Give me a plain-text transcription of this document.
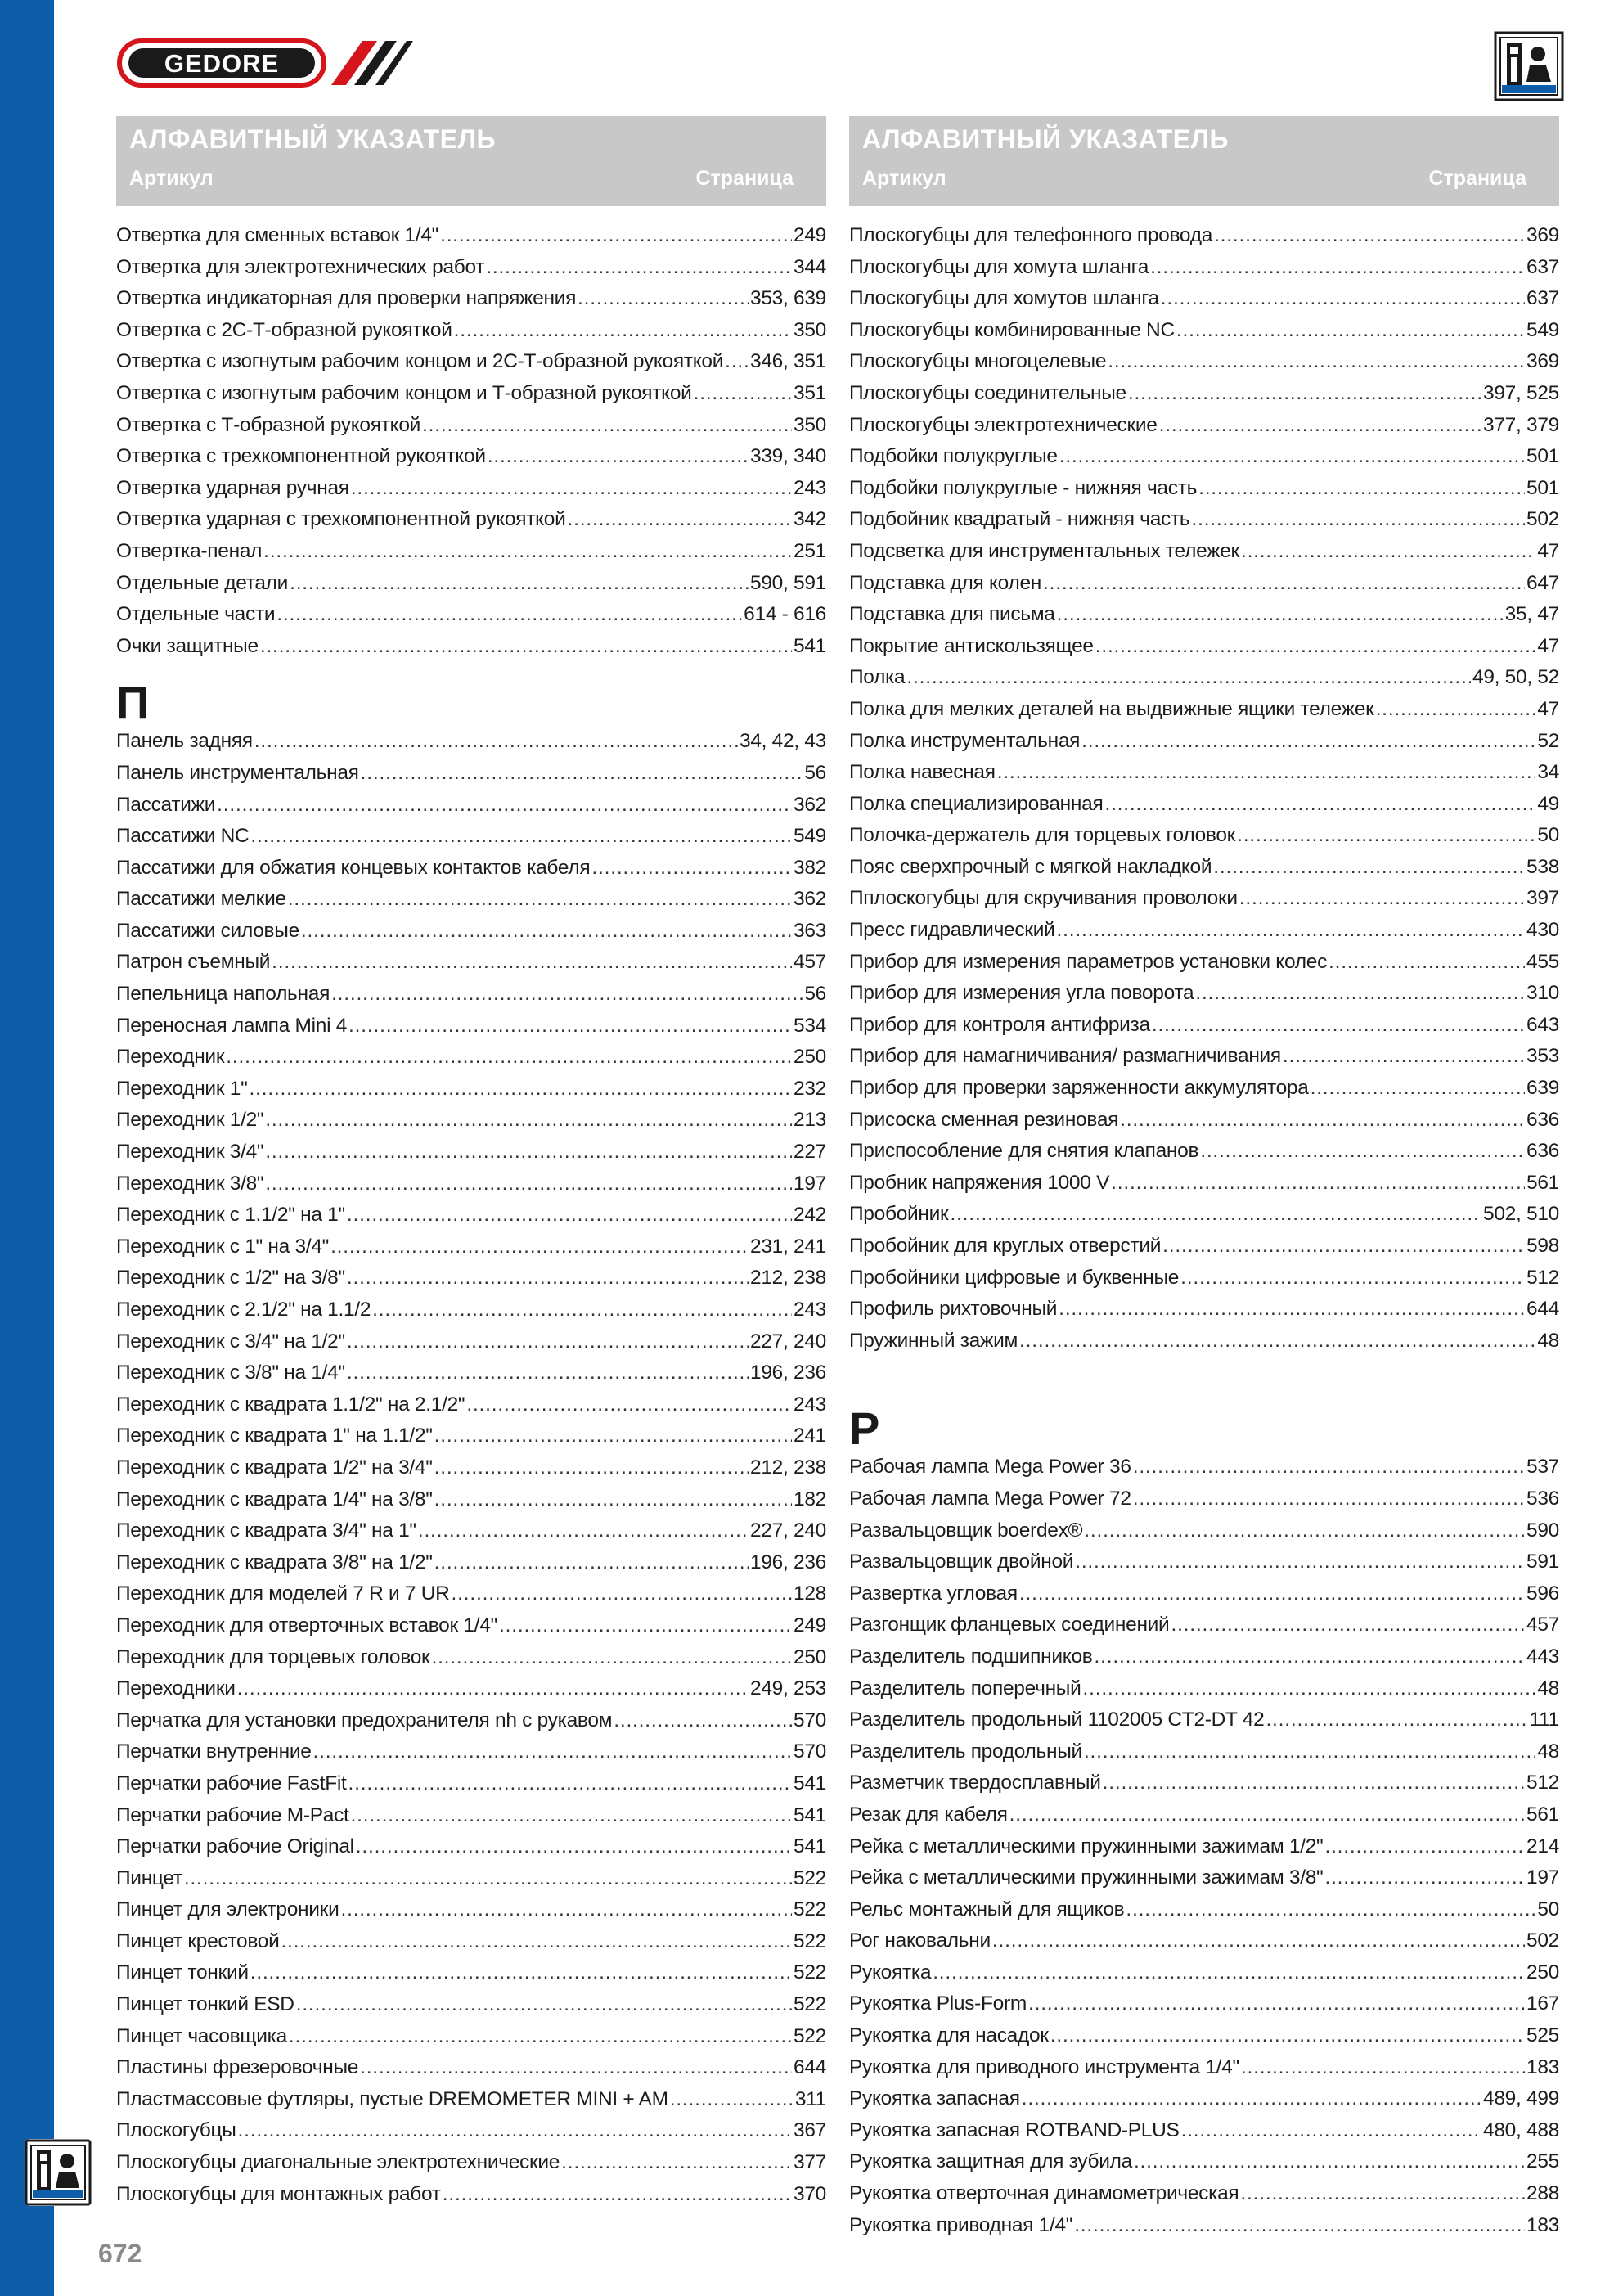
GEDORE
672
АЛФАВИТНЫЙ УКАЗАТЕЛЬ
Артикул	Страница
Отвертка для сменных вставок 1/4" . . .	249
Отвертка для электротехнических работ . . .	344
Отвертка индикаторная для проверки напряжения . . .	353, 639
Отвертка с 2С-Т-образной рукояткой . . .	350
Отвертка с изогнутым рабочим концом и 2С-Т-образной рукояткой . . . 346, 351
Отвертка с изогнутым рабочим концом и Т-образной рукояткой . . .	351
Отвертка с Т-образной рукояткой . . .	350
Отвертка с трехкомпонентной рукояткой . . .	339, 340
Отвертка ударная ручная . . .	243
Отвертка ударная с трехкомпонентной рукояткой . . .	342
Отвертка-пенал . . .	251
Отдельные детали . . .	590, 591
Отдельные части . . .	614 - 616
Очки защитные . . .	541
П
Панель задняя . . .	34, 42, 43
Панель инструментальная . . .	56
Пассатижи . . .	362
Пассатижи NC . . .	549
Пассатижи для обжатия концевых контактов кабеля . . .	382
Пассатижи мелкие . . .	362
Пассатижи силовые . . .	363
Патрон съемный . . .	457
Пепельница напольная . . .	56
Переносная лампа Mini 4 . . .	534
Переходник . . .	250
Переходник 1" . . .	232
Переходник 1/2" . . .	213
Переходник 3/4" . . .	227
Переходник 3/8" . . .	197
Переходник с 1.1/2" на 1" . . .	242
Переходник с 1" на 3/4" . . .	231, 241
Переходник с 1/2" на 3/8" . . .	212, 238
Переходник с 2.1/2" на 1.1/2 . . .	243
Переходник с 3/4" на 1/2" . . .	227, 240
Переходник с 3/8" на 1/4" . . .	196, 236
Переходник с квадрата 1.1/2" на 2.1/2" . . .	243
Переходник с квадрата 1" на 1.1/2" . . .	241
Переходник с квадрата 1/2" на 3/4" . . .	212, 238
Переходник с квадрата 1/4" на 3/8" . . .	182
Переходник с квадрата 3/4" на 1" . . .	227, 240
Переходник с квадрата 3/8" на 1/2" . . .	196, 236
Переходник для моделей 7 R и 7 UR . . .	128
Переходник для отверточных вставок 1/4" . . .	249
Переходник для торцевых головок . . .	250
Переходники . . .	249, 253
Перчатка для установки предохранителя nh с рукавом . . .	570
Перчатки внутренние . . .	570
Перчатки рабочие FastFit . . .	541
Перчатки рабочие M-Pact . . .	541
Перчатки рабочие Original . . .	541
Пинцет . . .	522
Пинцет для электроники . . .	522
Пинцет крестовой . . .	522
Пинцет тонкий . . .	522
Пинцет тонкий ESD . . .	522
Пинцет часовщика . . .	522
Пластины фрезеровочные . . .	644
Пластмассовые футляры, пустые DREMOMETER MINI + AM . . .	311
Плоскогубцы . . .	367
Плоскогубцы диагональные электротехнические . . .	377
Плоскогубцы для монтажных работ . . .	370
АЛФАВИТНЫЙ УКАЗАТЕЛЬ
Артикул	Страница
Плоскогубцы для телефонного провода . . .	369
Плоскогубцы для хомута шланга . . .	637
Плоскогубцы для хомутов шланга . . .	637
Плоскогубцы комбинированные NC . . .	549
Плоскогубцы многоцелевые . . .	369
Плоскогубцы соединительные . . .	397, 525
Плоскогубцы электротехнические . . .	377, 379
Подбойки полукруглые . . .	501
Подбойки полукруглые - нижняя часть . . .	501
Подбойник квадратый - нижняя часть . . .	502
Подсветка для инструментальных тележек . . .	47
Подставка для колен . . .	647
Подставка для письма . . .	35, 47
Покрытие антискользящее . . .	47
Полка . . .	49, 50, 52
Полка для мелких деталей на выдвижные ящики тележек . . .	47
Полка инструментальная . . .	52
Полка навесная . . .	34
Полка специализированная . . .	49
Полочка-держатель для торцевых головок . . .	50
Пояс сверхпрочный с мягкой накладкой . . .	538
Пплоскогубцы для скручивания проволоки . . .	397
Пресс гидравлический . . .	430
Прибор для измерения параметров установки колес . . .	455
Прибор для измерения угла поворота . . .	310
Прибор для контроля антифриза . . .	643
Прибор для намагничивания/ размагничивания . . .	353
Прибор для проверки заряженности аккумулятора . . .	639
Присоска сменная резиновая . . .	636
Приспособление для снятия клапанов . . .	636
Пробник напряжения 1000 V . . .	561
Пробойник . . .	502, 510
Пробойник для круглых отверстий . . .	598
Пробойники цифровые и буквенные . . .	512
Профиль рихтовочный . . .	644
Пружинный зажим . . .	48
Р
Рабочая лампа Mega Power 36 . . .	537
Рабочая лампа Mega Power 72 . . .	536
Развальцовщик boerdex® . . .	590
Развальцовщик двойной . . .	591
Развертка угловая . . .	596
Разгонщик фланцевых соединений . . .	457
Разделитель подшипников . . .	443
Разделитель поперечный . . .	48
Разделитель продольный 1102005 CT2-DT 42 . . .	111
Разделитель продольный . . .	48
Разметчик твердосплавный . . .	512
Резак для кабеля . . .	561
Рейка с металлическими пружинными зажимам 1/2" . . .	214
Рейка с металлическими пружинными зажимам 3/8" . . .	197
Рельс монтажный для ящиков . . .	50
Рог наковальни . . .	502
Рукоятка . . .	250
Рукоятка Plus-Form . . .	167
Рукоятка для насадок . . .	525
Рукоятка для приводного инструмента 1/4" . . .	183
Рукоятка запасная . . .	489, 499
Рукоятка запасная ROTBAND-PLUS . . .	480, 488
Рукоятка защитная для зубила . . .	255
Рукоятка отверточная динамометрическая . . .	288
Рукоятка приводная 1/4" . . .	183
